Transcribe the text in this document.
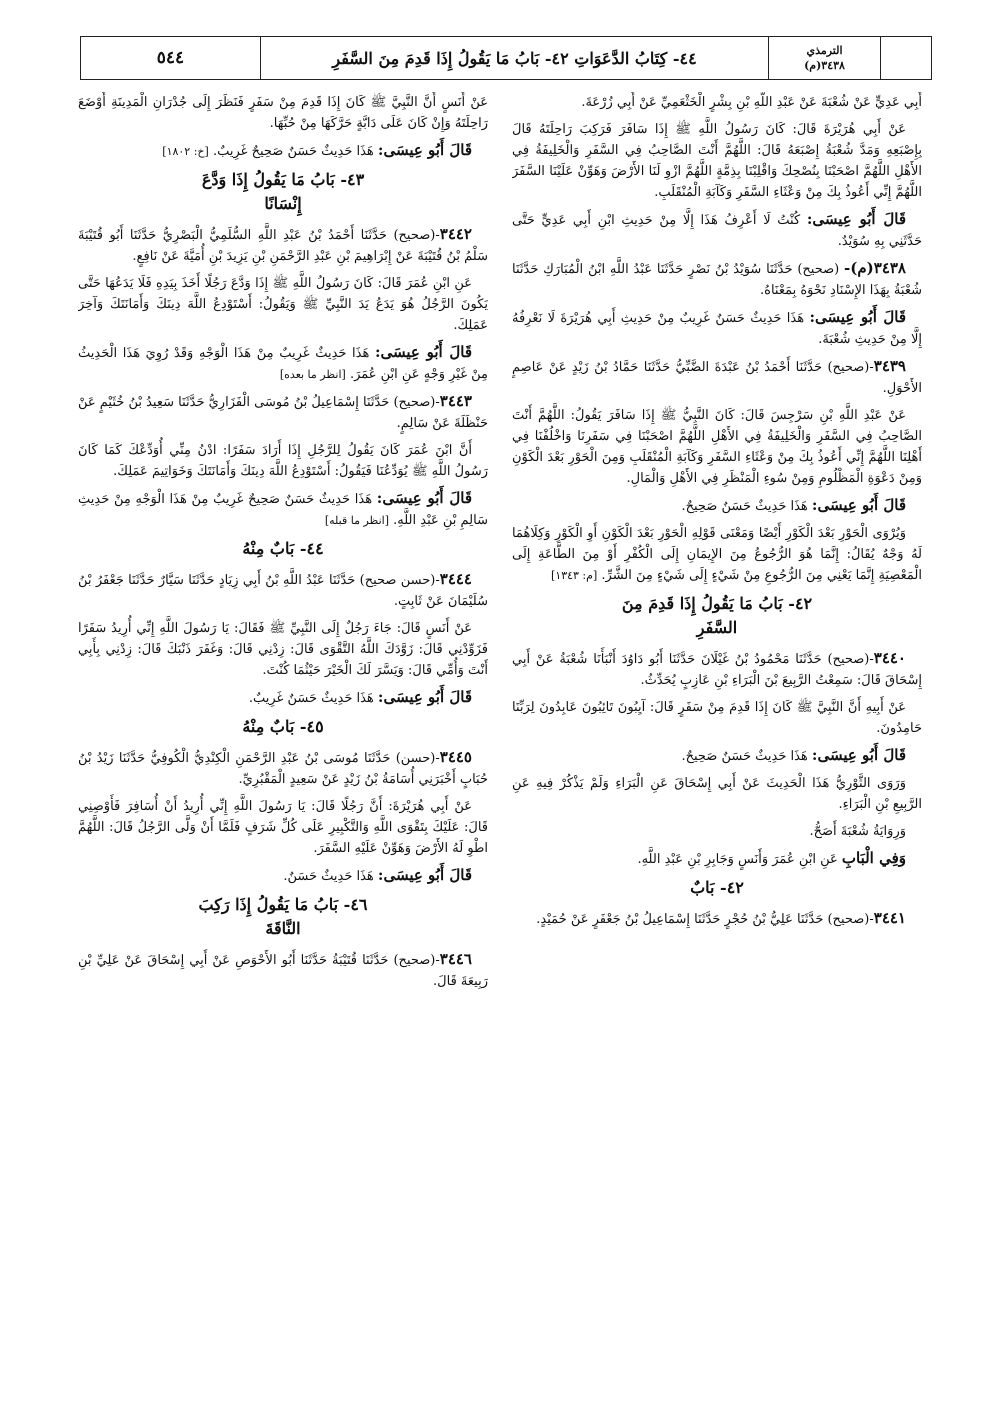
٥٤٤	٤٤- كِتَابُ الدَّعَوَاتِ ٤٢- بَابُ مَا يَقُولُ إِذَا قَدِمَ مِنَ السَّفَرِ	الترمذي
٣٤٣٨(م)

أَبِي عَدِيٍّ عَنْ شُعْبَةَ عَنْ عَبْدِ اللَّهِ بْنِ بِشْرٍ الْخَثْعَمِيِّ عَنْ أَبِي زُرْعَةَ.

عَنْ أَبِي هُرَيْرَةَ قَالَ: كَانَ رَسُولُ اللَّهِ ﷺ إِذَا سَافَرَ فَرَكِبَ رَاحِلَتَهُ قَالَ بِإِصْبَعِهِ وَمَدَّ شُعْبَةُ إِصْبَعَهُ قَالَ: اللَّهُمَّ أَنْتَ الصَّاحِبُ فِي السَّفَرِ وَالْخَلِيفَةُ فِي الأَهْلِ اللَّهُمَّ اصْحَبْنَا بِنُصْحِكَ وَاقْلِبْنَا بِذِمَّةٍ اللَّهُمَّ ازْوِ لَنَا الأَرْضَ وَهَوِّنْ عَلَيْنَا السَّفَرَ اللَّهُمَّ إِنِّي أَعُوذُ بِكَ مِنْ وَعْثَاءِ السَّفَرِ وَكَآبَةِ الْمُنْقَلَبِ.

قَالَ أَبُو عِيسَى: كُنْتُ لَا أَعْرِفُ هَذَا إِلَّا مِنْ حَدِيثِ ابْنِ أَبِي عَدِيٍّ حَتَّى حَدَّثَنِي بِهِ سُوَيْدٌ.

٣٤٣٨(م)- (صحيح) حَدَّثَنَا سُوَيْدُ بْنُ نَصْرٍ حَدَّثَنَا عَبْدُ اللَّهِ ابْنُ الْمُبَارَكِ حَدَّثَنَا شُعْبَةُ بِهَذَا الإِسْنَادِ نَحْوَهُ بِمَعْنَاهُ.

قَالَ أَبُو عِيسَى: هَذَا حَدِيثٌ حَسَنٌ غَرِيبٌ مِنْ حَدِيثِ أَبِي هُرَيْرَةَ لَا نَعْرِفُهُ إِلَّا مِنْ حَدِيثِ شُعْبَةَ.

٣٤٣٩-(صحيح) حَدَّثَنَا أَحْمَدُ بْنُ عَبْدَةَ الضَّبِّيُّ حَدَّثَنَا حَمَّادُ بْنُ زَيْدٍ عَنْ عَاصِمٍ الأَحْوَلِ.

عَنْ عَبْدِ اللَّهِ بْنِ سَرْجِسَ قَالَ: كَانَ النَّبِيُّ ﷺ إِذَا سَافَرَ يَقُولُ: اللَّهُمَّ أَنْتَ الصَّاحِبُ فِي السَّفَرِ وَالْخَلِيفَةُ فِي الأَهْلِ اللَّهُمَّ اصْحَبْنَا فِي سَفَرِنَا وَاخْلُفْنَا فِي أَهْلِنَا اللَّهُمَّ إِنِّي أَعُوذُ بِكَ مِنْ وَعْثَاءِ السَّفَرِ وَكَآبَةِ الْمُنْقَلَبِ وَمِنَ الْحَوْرِ بَعْدَ الْكَوْنِ وَمِنْ دَعْوَةِ الْمَظْلُومِ وَمِنْ سُوءِ الْمَنْظَرِ فِي الأَهْلِ وَالْمَالِ.

قَالَ أَبُو عِيسَى: هَذَا حَدِيثٌ حَسَنٌ صَحِيحٌ.

وَيُرْوَى الْحَوْرِ بَعْدَ الْكَوْرِ أَيْضًا وَمَعْنَى قَوْلِهِ الْحَوْرِ بَعْدَ الْكَوْنِ أَوِ الْكَوْرِ وَكِلَاهُمَا لَهُ وَجْهٌ يُقَالُ: إِنَّمَا هُوَ الرُّجُوعُ مِنَ الإِيمَانِ إِلَى الْكُفْرِ أَوْ مِنَ الطَّاعَةِ إِلَى الْمَعْصِيَةِ إِنَّمَا يَعْنِي مِنَ الرُّجُوعِ مِنْ شَيْءٍ إِلَى شَيْءٍ مِنَ الشَّرِّ. [م: ١٣٤٣]

٤٢- بَابُ مَا يَقُولُ إِذَا قَدِمَ مِنَ
السَّفَرِ

٣٤٤٠-(صحيح) حَدَّثَنَا مَحْمُودُ بْنُ غَيْلَانَ حَدَّثَنَا أَبُو دَاوُدَ أَنْبَأَنَا شُعْبَةُ عَنْ أَبِي إِسْحَاقَ قَالَ: سَمِعْتُ الرَّبِيعَ بْنَ الْبَرَاءِ بْنِ عَازِبٍ يُحَدِّثُ.

عَنْ أَبِيهِ أَنَّ النَّبِيَّ ﷺ كَانَ إِذَا قَدِمَ مِنْ سَفَرٍ قَالَ: آيِبُونَ تَائِبُونَ عَابِدُونَ لِرَبِّنَا حَامِدُونَ.

قَالَ أَبُو عِيسَى: هَذَا حَدِيثٌ حَسَنٌ صَحِيحٌ.

وَرَوَى الثَّوْرِيُّ هَذَا الْحَدِيثَ عَنْ أَبِي إِسْحَاقَ عَنِ الْبَرَاءِ وَلَمْ يَذْكُرْ فِيهِ عَنِ الرَّبِيعِ بْنِ الْبَرَاءِ.

وَرِوَايَةُ شُعْبَةَ أَصَحُّ.

وَفِي الْبَابِ عَنِ ابْنِ عُمَرَ وَأَنَسٍ وَجَابِرِ بْنِ عَبْدِ اللَّهِ.

٤٢- بَابٌ

٣٤٤١-(صحيح) حَدَّثَنَا عَلِيُّ بْنُ حُجْرٍ حَدَّثَنَا إِسْمَاعِيلُ بْنُ جَعْفَرٍ عَنْ حُمَيْدٍ.

عَنْ أَنَسٍ أَنَّ النَّبِيَّ ﷺ كَانَ إِذَا قَدِمَ مِنْ سَفَرٍ فَنَظَرَ إِلَى جُدْرَانِ الْمَدِينَةِ أَوْضَعَ رَاحِلَتَهُ وَإِنْ كَانَ عَلَى دَابَّةٍ حَرَّكَهَا مِنْ حُبِّهَا.

قَالَ أَبُو عِيسَى: هَذَا حَدِيثٌ حَسَنٌ صَحِيحٌ غَرِيبٌ. [خ: ١٨٠٢]

٤٣- بَابُ مَا يَقُولُ إِذَا وَدَّعَ
إِنْسَانًا

٣٤٤٢-(صحيح) حَدَّثَنَا أَحْمَدُ بْنُ عَبْدِ اللَّهِ السُّلَمِيُّ الْبَصْرِيُّ حَدَّثَنَا أَبُو قُتَيْبَةَ سَلْمُ بْنُ قُتَيْبَةَ عَنْ إِبْرَاهِيمَ بْنِ عَبْدِ الرَّحْمَنِ بْنِ يَزِيدَ بْنِ أُمَيَّةَ عَنْ نَافِعٍ.

عَنِ ابْنِ عُمَرَ قَالَ: كَانَ رَسُولُ اللَّهِ ﷺ إِذَا وَدَّعَ رَجُلًا أَخَذَ بِيَدِهِ فَلَا يَدَعُهَا حَتَّى يَكُونَ الرَّجُلُ هُوَ يَدَعُ يَدَ النَّبِيِّ ﷺ وَيَقُولُ: أَسْتَوْدِعُ اللَّهَ دِينَكَ وَأَمَانَتَكَ وَآخِرَ عَمَلِكَ.

قَالَ أَبُو عِيسَى: هَذَا حَدِيثٌ غَرِيبٌ مِنْ هَذَا الْوَجْهِ وَقَدْ رُوِيَ هَذَا الْحَدِيثُ مِنْ غَيْرِ وَجْهٍ عَنِ ابْنِ عُمَرَ. [انظر ما بعده]

٣٤٤٣-(صحيح) حَدَّثَنَا إِسْمَاعِيلُ بْنُ مُوسَى الْفَزَارِيُّ حَدَّثَنَا سَعِيدُ بْنُ خُثَيْمٍ عَنْ حَنْظَلَةَ عَنْ سَالِمٍ.

أَنَّ ابْنَ عُمَرَ كَانَ يَقُولُ لِلرَّجُلِ إِذَا أَرَادَ سَفَرًا: ادْنُ مِنِّي أُوَدِّعْكَ كَمَا كَانَ رَسُولُ اللَّهِ ﷺ يُوَدِّعُنَا فَيَقُولُ: أَسْتَوْدِعُ اللَّهَ دِينَكَ وَأَمَانَتَكَ وَخَوَاتِيمَ عَمَلِكَ.

قَالَ أَبُو عِيسَى: هَذَا حَدِيثٌ حَسَنٌ صَحِيحٌ غَرِيبٌ مِنْ هَذَا الْوَجْهِ مِنْ حَدِيثِ سَالِمِ بْنِ عَبْدِ اللَّهِ. [انظر ما قبله]

٤٤- بَابٌ مِنْهُ

٣٤٤٤-(حسن صحيح) حَدَّثَنَا عَبْدُ اللَّهِ بْنُ أَبِي زِيَادٍ حَدَّثَنَا سَيَّارٌ حَدَّثَنَا جَعْفَرُ بْنُ سُلَيْمَانَ عَنْ ثَابِتٍ.

عَنْ أَنَسٍ قَالَ: جَاءَ رَجُلٌ إِلَى النَّبِيِّ ﷺ فَقَالَ: يَا رَسُولَ اللَّهِ إِنِّي أُرِيدُ سَفَرًا فَزَوِّدْنِي قَالَ: زَوَّدَكَ اللَّهُ التَّقْوَى قَالَ: زِدْنِي قَالَ: وَغَفَرَ ذَنْبَكَ قَالَ: زِدْنِي بِأَبِي أَنْتَ وَأُمِّي قَالَ: وَيَسَّرَ لَكَ الْخَيْرَ حَيْثُمَا كُنْتَ.

قَالَ أَبُو عِيسَى: هَذَا حَدِيثٌ حَسَنٌ غَرِيبٌ.

٤٥- بَابٌ مِنْهُ

٣٤٤٥-(حسن) حَدَّثَنَا مُوسَى بْنُ عَبْدِ الرَّحْمَنِ الْكِنْدِيُّ الْكُوفِيُّ حَدَّثَنَا زَيْدُ بْنُ حُبَابٍ أَخْبَرَنِي أُسَامَةُ بْنُ زَيْدٍ عَنْ سَعِيدٍ الْمَقْبُرِيِّ.

عَنْ أَبِي هُرَيْرَةَ: أَنَّ رَجُلًا قَالَ: يَا رَسُولَ اللَّهِ إِنِّي أُرِيدُ أَنْ أُسَافِرَ فَأَوْصِنِي قَالَ: عَلَيْكَ بِتَقْوَى اللَّهِ وَالتَّكْبِيرِ عَلَى كُلِّ شَرَفٍ فَلَمَّا أَنْ وَلَّى الرَّجُلُ قَالَ: اللَّهُمَّ اطْوِ لَهُ الأَرْضَ وَهَوِّنْ عَلَيْهِ السَّفَرَ.

قَالَ أَبُو عِيسَى: هَذَا حَدِيثٌ حَسَنٌ.

٤٦- بَابُ مَا يَقُولُ إِذَا رَكِبَ
النَّاقَةَ

٣٤٤٦-(صحيح) حَدَّثَنَا قُتَيْبَةُ حَدَّثَنَا أَبُو الأَحْوَصِ عَنْ أَبِي إِسْحَاقَ عَنْ عَلِيِّ بْنِ رَبِيعَةَ قَالَ.
